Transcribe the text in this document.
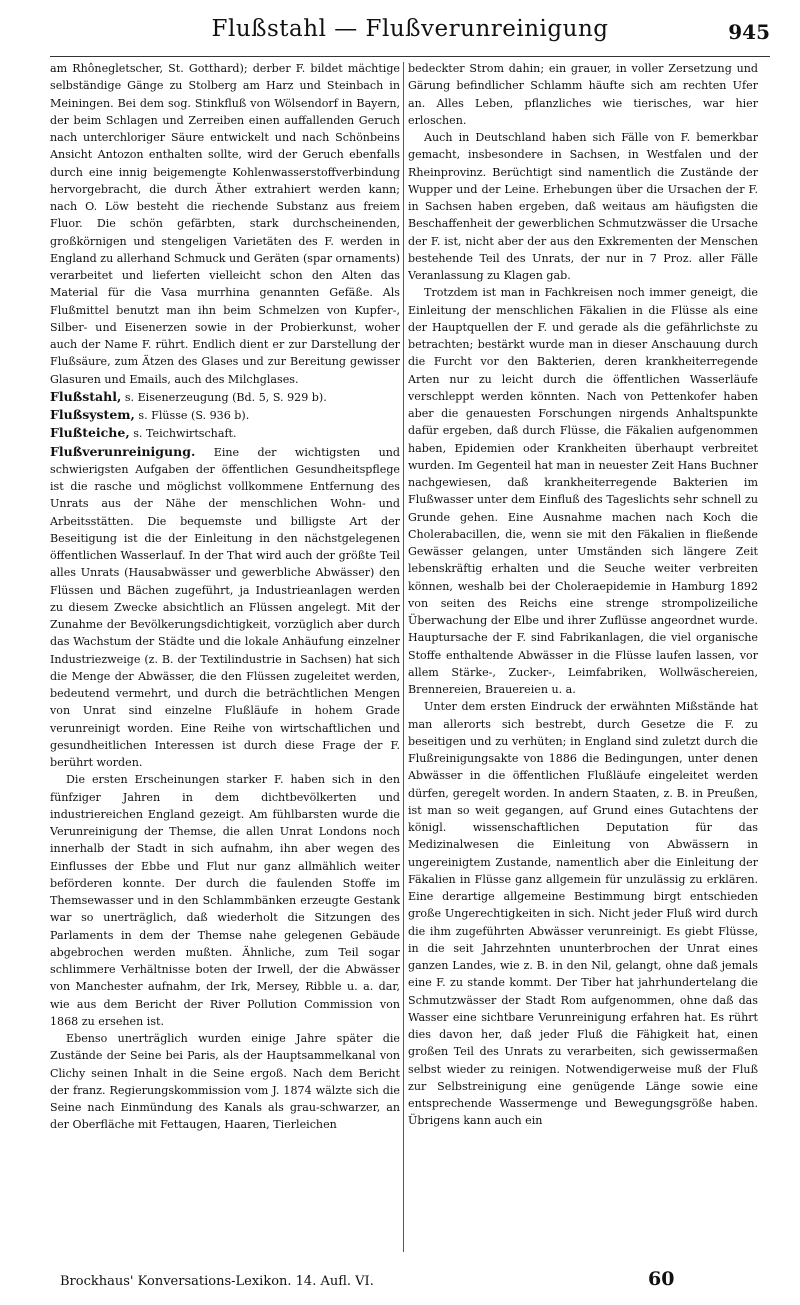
Flußstahl — Flußverunreinigung	945

am Rhônegletscher, St. Gotthard); derber F. bildet mächtige selbständige Gänge zu Stolberg am Harz und Steinbach in Meiningen. Bei dem sog. Stinkfluß von Wölsendorf in Bayern, der beim Schlagen und Zerreiben einen auffallenden Geruch nach unterchloriger Säure entwickelt und nach Schönbeins Ansicht Antozon enthalten sollte, wird der Geruch ebenfalls durch eine innig beigemengte Kohlenwasserstoffverbindung hervorgebracht, die durch Äther extrahiert werden kann; nach O. Löw besteht die riechende Substanz aus freiem Fluor. Die schön gefärbten, stark durchscheinenden, großkörnigen und stengeligen Varietäten des F. werden in England zu allerhand Schmuck und Geräten (spar ornaments) verarbeitet und lieferten vielleicht schon den Alten das Material für die Vasa murrhina genannten Gefäße. Als Flußmittel benutzt man ihn beim Schmelzen von Kupfer-, Silber- und Eisenerzen sowie in der Probierkunst, woher auch der Name F. rührt. Endlich dient er zur Darstellung der Flußsäure, zum Ätzen des Glases und zur Bereitung gewisser Glasuren und Emails, auch des Milchglases.

Flußstahl, s. Eisenerzeugung (Bd. 5, S. 929 b).

Flußsystem, s. Flüsse (S. 936 b).

Flußteiche, s. Teichwirtschaft.

Flußverunreinigung. Eine der wichtigsten und schwierigsten Aufgaben der öffentlichen Gesundheitspflege ist die rasche und möglichst vollkommene Entfernung des Unrats aus der Nähe der menschlichen Wohn- und Arbeitsstätten. Die bequemste und billigste Art der Beseitigung ist die der Einleitung in den nächstgelegenen öffentlichen Wasserlauf. In der That wird auch der größte Teil alles Unrats (Hausabwässer und gewerbliche Abwässer) den Flüssen und Bächen zugeführt, ja Industrieanlagen werden zu diesem Zwecke absichtlich an Flüssen angelegt. Mit der Zunahme der Bevölkerungsdichtigkeit, vorzüglich aber durch das Wachstum der Städte und die lokale Anhäufung einzelner Industriezweige (z. B. der Textilindustrie in Sachsen) hat sich die Menge der Abwässer, die den Flüssen zugeleitet werden, bedeutend vermehrt, und durch die beträchtlichen Mengen von Unrat sind einzelne Flußläufe in hohem Grade verunreinigt worden. Eine Reihe von wirtschaftlichen und gesundheitlichen Interessen ist durch diese Frage der F. berührt worden.

Die ersten Erscheinungen starker F. haben sich in den fünfziger Jahren in dem dichtbevölkerten und industriereichen England gezeigt. Am fühlbarsten wurde die Verunreinigung der Themse, die allen Unrat Londons noch innerhalb der Stadt in sich aufnahm, ihn aber wegen des Einflusses der Ebbe und Flut nur ganz allmählich weiter beförderen konnte. Der durch die faulenden Stoffe im Themsewasser und in den Schlammbänken erzeugte Gestank war so unerträglich, daß wiederholt die Sitzungen des Parlaments in dem der Themse nahe gelegenen Gebäude abgebrochen werden mußten. Ähnliche, zum Teil sogar schlimmere Verhältnisse boten der Irwell, der die Abwässer von Manchester aufnahm, der Irk, Mersey, Ribble u. a. dar, wie aus dem Bericht der River Pollution Commission von 1868 zu ersehen ist.

Ebenso unerträglich wurden einige Jahre später die Zustände der Seine bei Paris, als der Hauptsammelkanal von Clichy seinen Inhalt in die Seine ergoß. Nach dem Bericht der franz. Regierungskommission vom J. 1874 wälzte sich die Seine nach Einmündung des Kanals als grau-schwarzer, an der Oberfläche mit Fettaugen, Haaren, Tierleichen

bedeckter Strom dahin; ein grauer, in voller Zersetzung und Gärung befindlicher Schlamm häufte sich am rechten Ufer an. Alles Leben, pflanzliches wie tierisches, war hier erloschen.

Auch in Deutschland haben sich Fälle von F. bemerkbar gemacht, insbesondere in Sachsen, in Westfalen und der Rheinprovinz. Berüchtigt sind namentlich die Zustände der Wupper und der Leine. Erhebungen über die Ursachen der F. in Sachsen haben ergeben, daß weitaus am häufigsten die Beschaffenheit der gewerblichen Schmutzwässer die Ursache der F. ist, nicht aber der aus den Exkrementen der Menschen bestehende Teil des Unrats, der nur in 7 Proz. aller Fälle Veranlassung zu Klagen gab.

Trotzdem ist man in Fachkreisen noch immer geneigt, die Einleitung der menschlichen Fäkalien in die Flüsse als eine der Hauptquellen der F. und gerade als die gefährlichste zu betrachten; bestärkt wurde man in dieser Anschauung durch die Furcht vor den Bakterien, deren krankheiterregende Arten nur zu leicht durch die öffentlichen Wasserläufe verschleppt werden könnten. Nach von Pettenkofer haben aber die genauesten Forschungen nirgends Anhaltspunkte dafür ergeben, daß durch Flüsse, die Fäkalien aufgenommen haben, Epidemien oder Krankheiten überhaupt verbreitet wurden. Im Gegenteil hat man in neuester Zeit Hans Buchner nachgewiesen, daß krankheiterregende Bakterien im Flußwasser unter dem Einfluß des Tageslichts sehr schnell zu Grunde gehen. Eine Ausnahme machen nach Koch die Cholerabacillen, die, wenn sie mit den Fäkalien in fließende Gewässer gelangen, unter Umständen sich längere Zeit lebenskräftig erhalten und die Seuche weiter verbreiten können, weshalb bei der Choleraepidemie in Hamburg 1892 von seiten des Reichs eine strenge strompolizeiliche Überwachung der Elbe und ihrer Zuflüsse angeordnet wurde. Hauptursache der F. sind Fabrikanlagen, die viel organische Stoffe enthaltende Abwässer in die Flüsse laufen lassen, vor allem Stärke-, Zucker-, Leimfabriken, Wollwäschereien, Brennereien, Brauereien u. a.

Unter dem ersten Eindruck der erwähnten Mißstände hat man allerorts sich bestrebt, durch Gesetze die F. zu beseitigen und zu verhüten; in England sind zuletzt durch die Flußreinigungsakte von 1886 die Bedingungen, unter denen Abwässer in die öffentlichen Flußläufe eingeleitet werden dürfen, geregelt worden. In andern Staaten, z. B. in Preußen, ist man so weit gegangen, auf Grund eines Gutachtens der königl. wissenschaftlichen Deputation für das Medizinalwesen die Einleitung von Abwässern in ungereinigtem Zustande, namentlich aber die Einleitung der Fäkalien in Flüsse ganz allgemein für unzulässig zu erklären. Eine derartige allgemeine Bestimmung birgt entschieden große Ungerechtigkeiten in sich. Nicht jeder Fluß wird durch die ihm zugeführten Abwässer verunreinigt. Es giebt Flüsse, in die seit Jahrzehnten ununterbrochen der Unrat eines ganzen Landes, wie z. B. in den Nil, gelangt, ohne daß jemals eine F. zu stande kommt. Der Tiber hat jahrhundertelang die Schmutzwässer der Stadt Rom aufgenommen, ohne daß das Wasser eine sichtbare Verunreinigung erfahren hat. Es rührt dies davon her, daß jeder Fluß die Fähigkeit hat, einen großen Teil des Unrats zu verarbeiten, sich gewissermaßen selbst wieder zu reinigen. Notwendigerweise muß der Fluß zur Selbstreinigung eine genügende Länge sowie eine entsprechende Wassermenge und Bewegungsgröße haben. Übrigens kann auch ein

Brockhaus' Konversations-Lexikon. 14. Aufl. VI.	60
